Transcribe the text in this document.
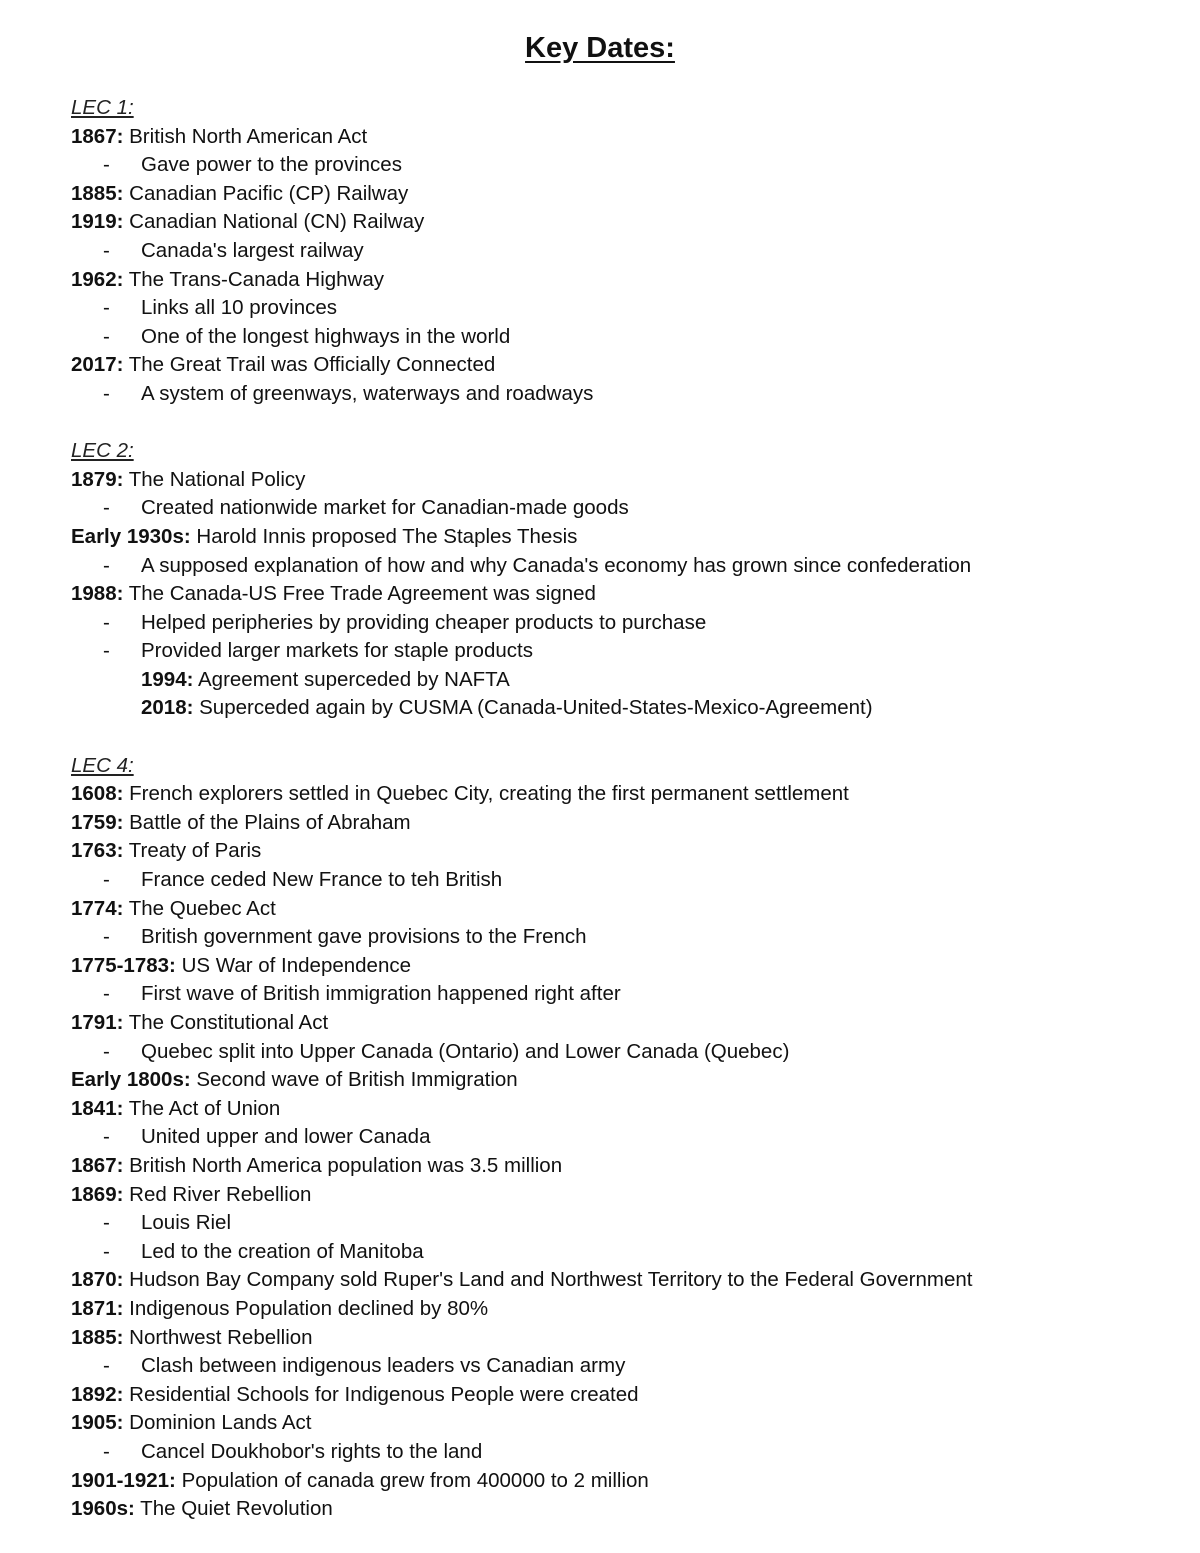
Key Dates:
LEC 1:
1867: British North American Act
- Gave power to the provinces
1885: Canadian Pacific (CP) Railway
1919: Canadian National (CN) Railway
- Canada's largest railway
1962: The Trans-Canada Highway
- Links all 10 provinces
- One of the longest highways in the world
2017: The Great Trail was Officially Connected
- A system of greenways, waterways and roadways
LEC 2:
1879: The National Policy
- Created nationwide market for Canadian-made goods
Early 1930s: Harold Innis proposed The Staples Thesis
- A supposed explanation of how and why Canada's economy has grown since confederation
1988: The Canada-US Free Trade Agreement was signed
- Helped peripheries by providing cheaper products to purchase
- Provided larger markets for staple products
1994: Agreement superceded by NAFTA
2018: Superceded again by CUSMA (Canada-United-States-Mexico-Agreement)
LEC 4:
1608: French explorers settled in Quebec City, creating the first permanent settlement
1759: Battle of the Plains of Abraham
1763: Treaty of Paris
- France ceded New France to teh British
1774: The Quebec Act
- British government gave provisions to the French
1775-1783: US War of Independence
- First wave of British immigration happened right after
1791: The Constitutional Act
- Quebec split into Upper Canada (Ontario) and Lower Canada (Quebec)
Early 1800s: Second wave of British Immigration
1841: The Act of Union
- United upper and lower Canada
1867: British North America population was 3.5 million
1869: Red River Rebellion
- Louis Riel
- Led to the creation of Manitoba
1870: Hudson Bay Company sold Ruper's Land and Northwest Territory to the Federal Government
1871: Indigenous Population declined by 80%
1885: Northwest Rebellion
- Clash between indigenous leaders vs Canadian army
1892: Residential Schools for Indigenous People were created
1905: Dominion Lands Act
- Cancel Doukhobor's rights to the land
1901-1921: Population of canada grew from 400000 to 2 million
1960s: The Quiet Revolution
